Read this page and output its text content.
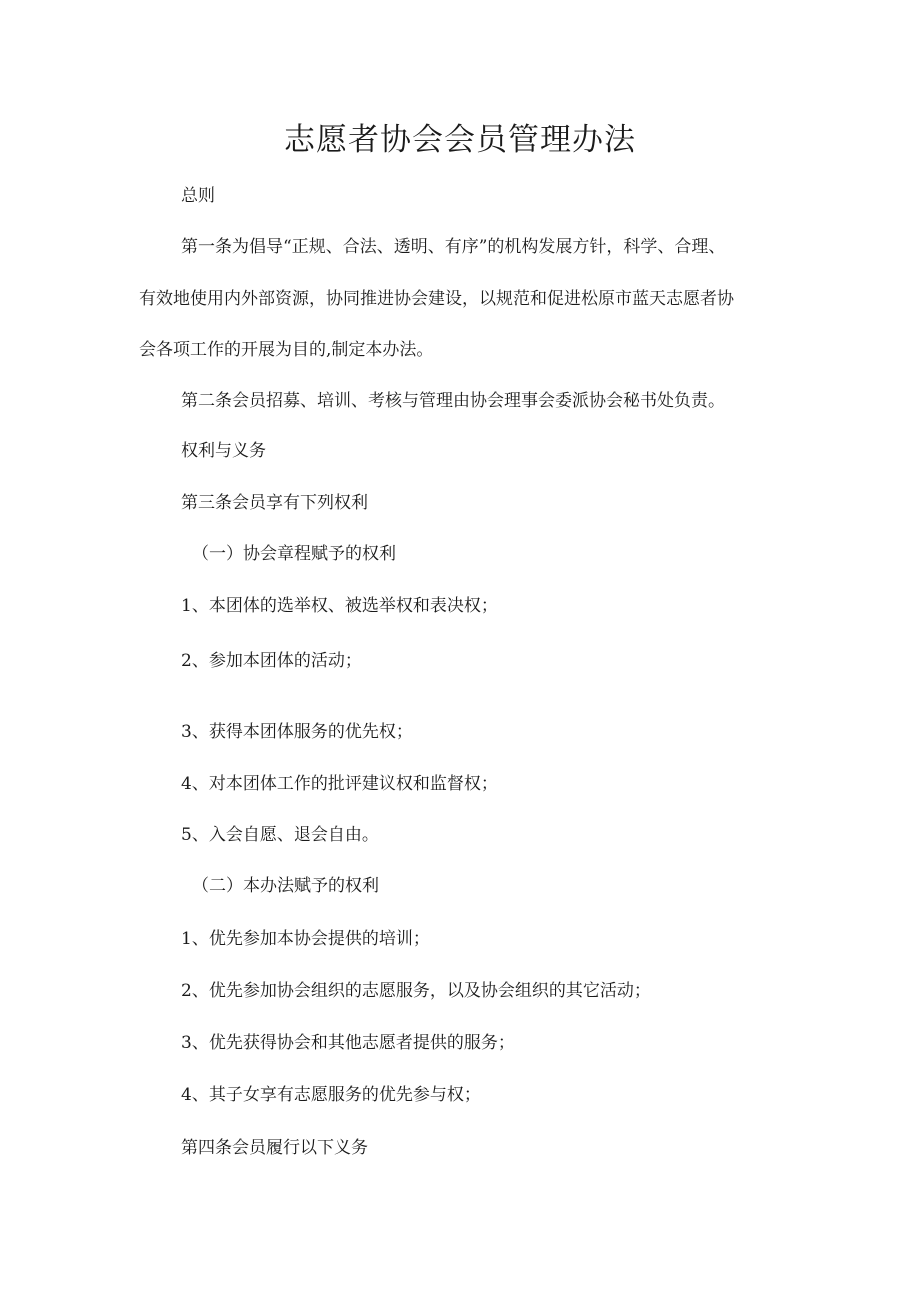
志愿者协会会员管理办法
总则
第一条为倡导“正规、合法、透明、有序”的机构发展方针，科学、合理、
有效地使用内外部资源，协同推进协会建设，以规范和促进松原市蓝天志愿者协
会各项工作的开展为目的,制定本办法。
第二条会员招募、培训、考核与管理由协会理事会委派协会秘书处负责。
权利与义务
第三条会员享有下列权利
（一）协会章程赋予的权利
1、本团体的选举权、被选举权和表决权；
2、参加本团体的活动；
3、获得本团体服务的优先权；
4、对本团体工作的批评建议权和监督权；
5、入会自愿、退会自由。
（二）本办法赋予的权利
1、优先参加本协会提供的培训；
2、优先参加协会组织的志愿服务，以及协会组织的其它活动；
3、优先获得协会和其他志愿者提供的服务；
4、其子女享有志愿服务的优先参与权；
第四条会员履行以下义务
